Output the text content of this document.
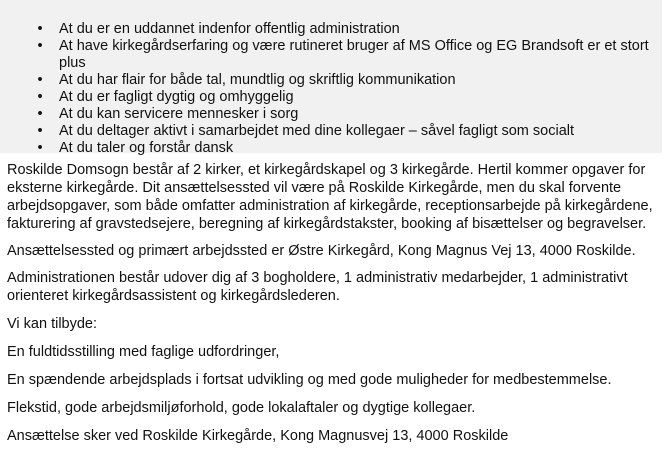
• At du er en uddannet indenfor offentlig administration
• At have kirkegårdserfaring og være rutineret bruger af MS Office og EG Brandsoft er et stort plus
• At du har flair for både tal, mundtlig og skriftlig kommunikation
• At du er fagligt dygtig og omhyggelig
• At du kan servicere mennesker i sorg
• At du deltager aktivt i samarbejdet med dine kollegaer – såvel fagligt som socialt
• At du taler og forstår dansk

Roskilde Domsogn består af 2 kirker, et kirkegårdskapel og 3 kirkegårde. Hertil kommer opgaver for eksterne kirkegårde. Dit ansættelsessted vil være på Roskilde Kirkegårde, men du skal forvente arbejdsopgaver, som både omfatter administration af kirkegårde, receptionsarbejde på kirkegårdene, fakturering af gravstedsejere, beregning af kirkegårdstakster, booking af bisættelser og begravelser.

Ansættelsessted og primært arbejdssted er Østre Kirkegård, Kong Magnus Vej 13, 4000 Roskilde.

Administrationen består udover dig af 3 bogholdere, 1 administrativ medarbejder, 1 administrativt orienteret kirkegårdsassistent og kirkegårdslederen.

Vi kan tilbyde:

En fuldtidsstilling med faglige udfordringer,

En spændende arbejdsplads i fortsat udvikling og med gode muligheder for medbestemmelse.

Flekstid, gode arbejdsmiljøforhold, gode lokalaftaler og dygtige kollegaer.

Ansættelse sker ved Roskilde Kirkegårde, Kong Magnusvej 13, 4000 Roskilde
